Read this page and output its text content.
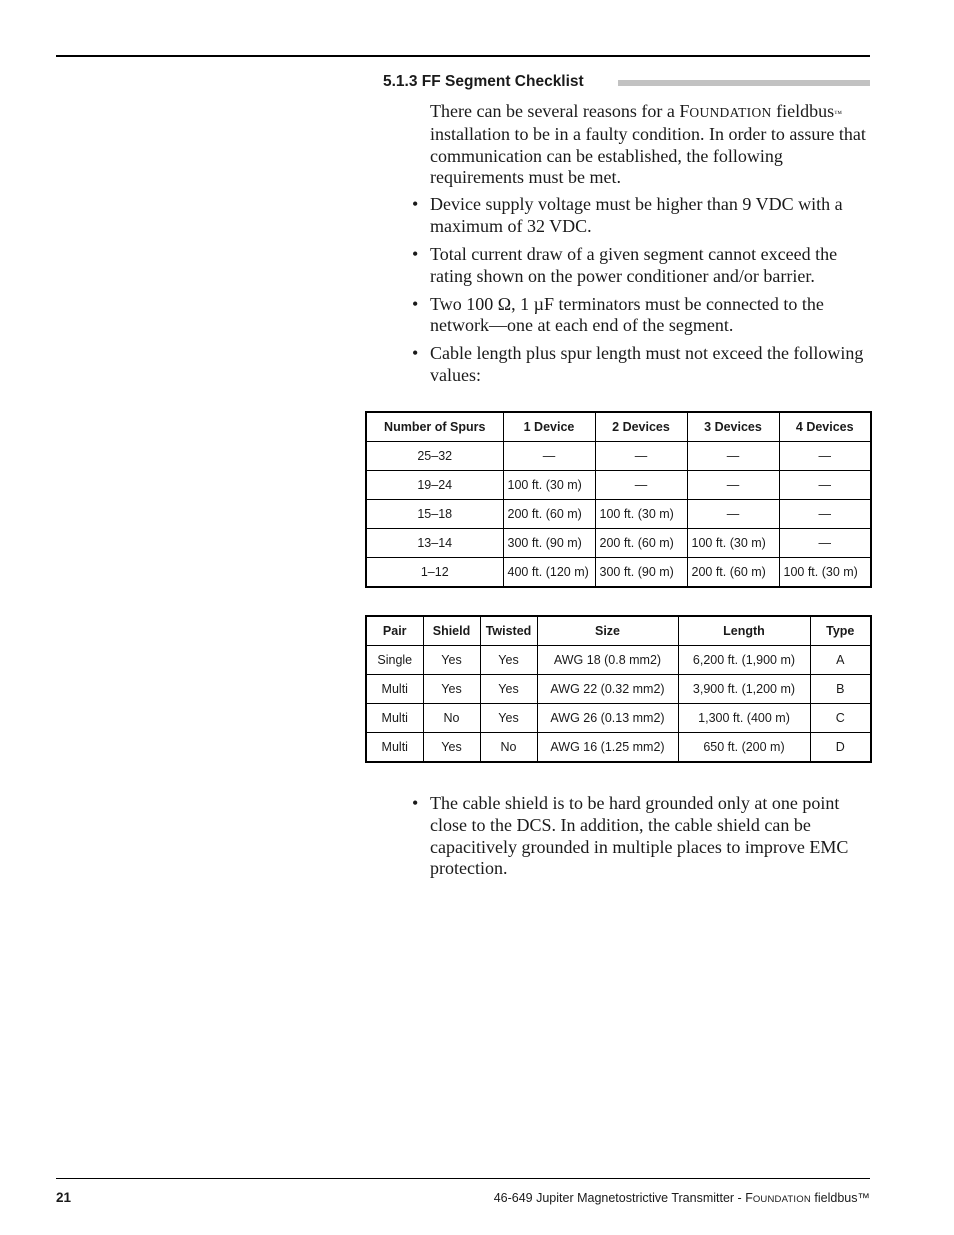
5.1.3 FF Segment Checklist

There can be several reasons for a FOUNDATION fieldbus™ installation to be in a faulty condition. In order to assure that communication can be established, the following requirements must be met.

• Device supply voltage must be higher than 9 VDC with a maximum of 32 VDC.
• Total current draw of a given segment cannot exceed the rating shown on the power conditioner and/or barrier.
• Two 100 Ω, 1 µF terminators must be connected to the network—one at each end of the segment.
• Cable length plus spur length must not exceed the following values:
Number of Spurs	1 Device	2 Devices	3 Devices	4 Devices
25–32	—	—	—	—
19–24	100 ft. (30 m)	—	—	—
15–18	200 ft. (60 m)	100 ft. (30 m)	—	—
13–14	300 ft. (90 m)	200 ft. (60 m)	100 ft. (30 m)	—
1–12	400 ft. (120 m)	300 ft. (90 m)	200 ft. (60 m)	100 ft. (30 m)
Pair	Shield	Twisted	Size	Length	Type
Single	Yes	Yes	AWG 18 (0.8 mm2)	6,200 ft. (1,900 m)	A
Multi	Yes	Yes	AWG 22 (0.32 mm2)	3,900 ft. (1,200 m)	B
Multi	No	Yes	AWG 26 (0.13 mm2)	1,300 ft. (400 m)	C
Multi	Yes	No	AWG 16 (1.25 mm2)	650 ft. (200 m)	D
• The cable shield is to be hard grounded only at one point close to the DCS. In addition, the cable shield can be capacitively grounded in multiple places to improve EMC protection.
21	46-649 Jupiter Magnetostrictive Transmitter - FOUNDATION fieldbus™
